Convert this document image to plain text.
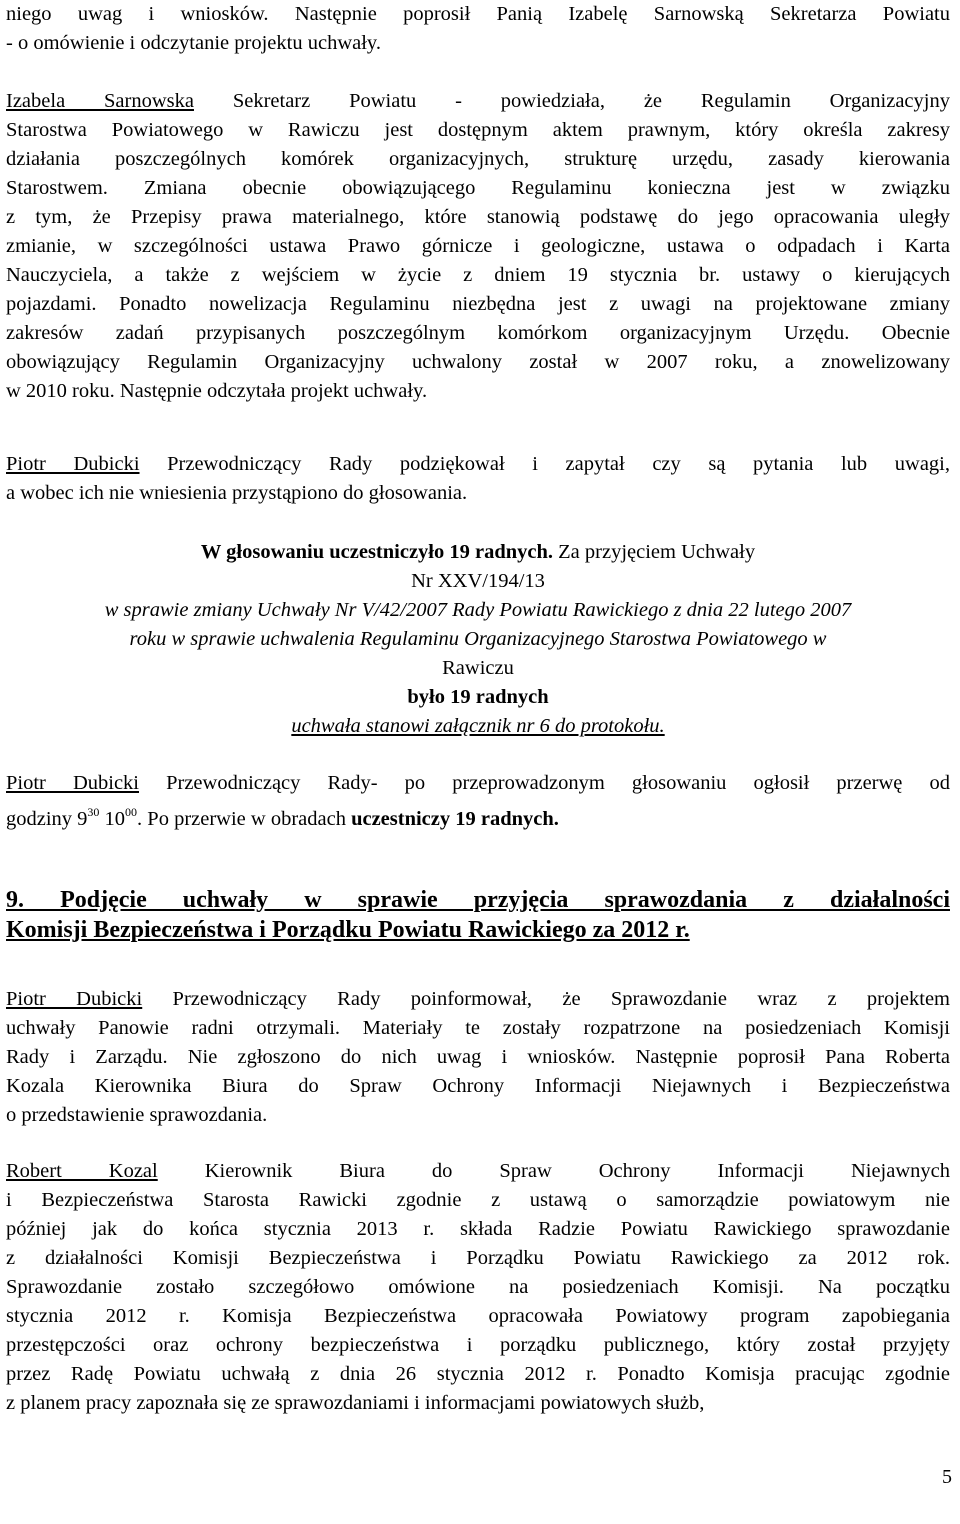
niego uwag i wniosków. Następnie poprosił Panią Izabelę Sarnowską Sekretarza Powiatu
- o omówienie i odczytanie projektu uchwały.
Izabela Sarnowska Sekretarz Powiatu - powiedziała, że Regulamin Organizacyjny
Starostwa Powiatowego w Rawiczu jest dostępnym aktem prawnym, który określa zakresy
działania poszczególnych komórek organizacyjnych, strukturę urzędu, zasady kierowania
Starostwem. Zmiana obecnie obowiązującego Regulaminu konieczna jest w związku
z tym, że Przepisy prawa materialnego, które stanowią podstawę do jego opracowania uległy
zmianie, w szczególności ustawa Prawo górnicze i geologiczne, ustawa o odpadach i Karta
Nauczyciela, a także z wejściem w życie z dniem 19 stycznia br. ustawy o kierujących
pojazdami. Ponadto nowelizacja Regulaminu niezbędna jest z uwagi na projektowane zmiany
zakresów zadań przypisanych poszczególnym komórkom organizacyjnym Urzędu. Obecnie
obowiązujący Regulamin Organizacyjny uchwalony został w 2007 roku, a znowelizowany
w 2010 roku. Następnie odczytała projekt uchwały.
Piotr Dubicki Przewodniczący Rady podziękował i zapytał czy są pytania lub uwagi,
a wobec ich nie wniesienia przystąpiono do głosowania.
W głosowaniu uczestniczyło 19 radnych. Za przyjęciem Uchwały
Nr XXV/194/13
w sprawie zmiany Uchwały Nr V/42/2007 Rady Powiatu Rawickiego z dnia 22 lutego 2007
roku w sprawie uchwalenia Regulaminu Organizacyjnego Starostwa Powiatowego w
Rawiczu
było 19 radnych
uchwała stanowi załącznik nr 6 do protokołu.
Piotr Dubicki Przewodniczący Rady- po przeprowadzonym głosowaniu ogłosił przerwę od
godziny $9^{30}$ $10^{00}$. Po przerwie w obradach uczestniczy 19 radnych.
9. Podjęcie uchwały w sprawie przyjęcia sprawozdania z działalności
Komisji Bezpieczeństwa i Porządku Powiatu Rawickiego za 2012 r.
Piotr Dubicki Przewodniczący Rady poinformował, że Sprawozdanie wraz z projektem
uchwały Panowie radni otrzymali. Materiały te zostały rozpatrzone na posiedzeniach Komisji
Rady i Zarządu. Nie zgłoszono do nich uwag i wniosków. Następnie poprosił Pana Roberta
Kozala Kierownika Biura do Spraw Ochrony Informacji Niejawnych i Bezpieczeństwa
o przedstawienie sprawozdania.
Robert Kozal Kierownik Biura do Spraw Ochrony Informacji Niejawnych
i Bezpieczeństwa Starosta Rawicki zgodnie z ustawą o samorządzie powiatowym nie
później jak do końca stycznia 2013 r. składa Radzie Powiatu Rawickiego sprawozdanie
z działalności Komisji Bezpieczeństwa i Porządku Powiatu Rawickiego za 2012 rok.
Sprawozdanie zostało szczegółowo omówione na posiedzeniach Komisji. Na początku
stycznia 2012 r. Komisja Bezpieczeństwa opracowała Powiatowy program zapobiegania
przestępczości oraz ochrony bezpieczeństwa i porządku publicznego, który został przyjęty
przez Radę Powiatu uchwałą z dnia 26 stycznia 2012 r. Ponadto Komisja pracując zgodnie
z planem pracy zapoznała się ze sprawozdaniami i informacjami powiatowych służb,
5
